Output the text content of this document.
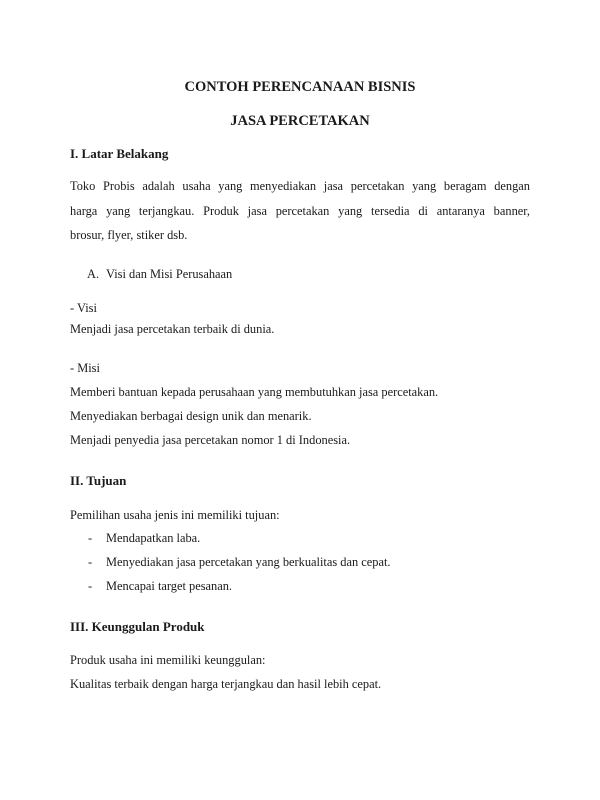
CONTOH PERENCANAAN BISNIS
JASA PERCETAKAN
I. Latar Belakang
Toko Probis adalah usaha yang menyediakan jasa percetakan yang beragam dengan
harga yang terjangkau. Produk jasa percetakan yang tersedia di antaranya banner,
brosur, flyer, stiker dsb.
A. Visi dan Misi Perusahaan
- Visi
Menjadi jasa percetakan terbaik di dunia.
- Misi
Memberi bantuan kepada perusahaan yang membutuhkan jasa percetakan.
Menyediakan berbagai design unik dan menarik.
Menjadi penyedia jasa percetakan nomor 1 di Indonesia.
II. Tujuan
Pemilihan usaha jenis ini memiliki tujuan:
- Mendapatkan laba.
- Menyediakan jasa percetakan yang berkualitas dan cepat.
- Mencapai target pesanan.
III. Keunggulan Produk
Produk usaha ini memiliki keunggulan:
Kualitas terbaik dengan harga terjangkau dan hasil lebih cepat.
